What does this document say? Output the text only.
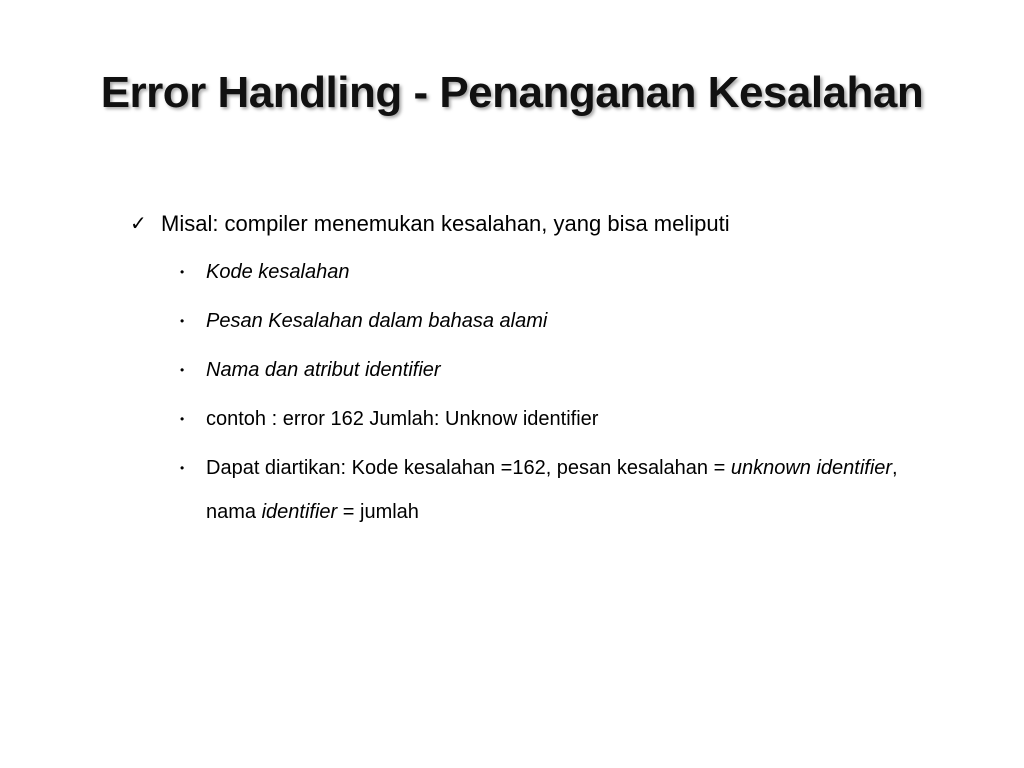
Error Handling - Penanganan Kesalahan
✓ Misal: compiler menemukan kesalahan, yang bisa meliputi
• Kode kesalahan
• Pesan Kesalahan dalam bahasa alami
• Nama dan atribut identifier
• contoh : error 162 Jumlah: Unknow identifier
• Dapat diartikan: Kode kesalahan =162, pesan kesalahan = unknown identifier, nama identifier = jumlah
